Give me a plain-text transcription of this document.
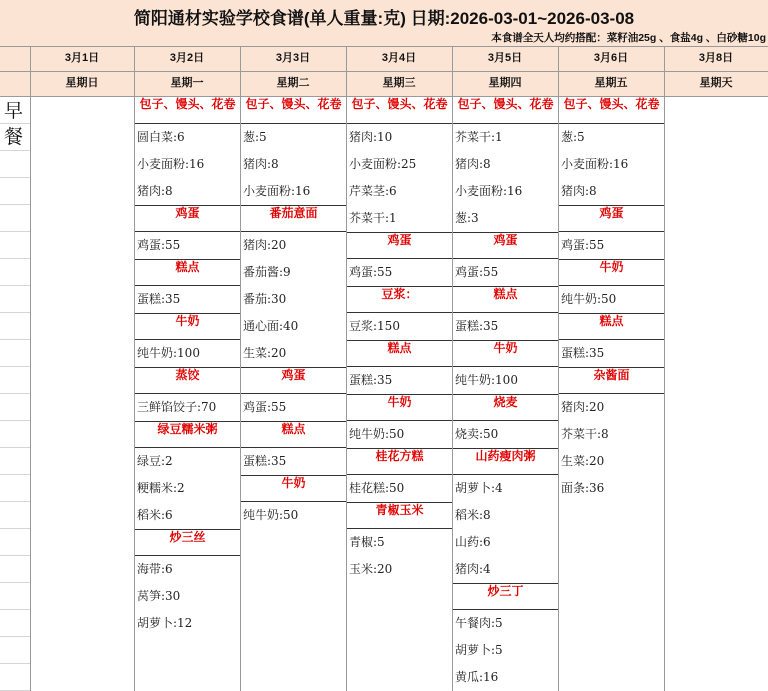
简阳通材实验学校食谱(单人重量:克) 日期:2026-03-01~2026-03-08
本食谱全天人均约搭配：菜籽油25g 、食盐4g 、白砂糖10g
3月1日
星期日
3月2日
星期一
3月3日
星期二
3月4日
星期三
3月5日
星期四
3月6日
星期五
3月8日
星期天
早餐
包子、馒头、花卷
圆白菜:6
小麦面粉:16
猪肉:8
鸡蛋
鸡蛋:55
糕点
蛋糕:35
牛奶
纯牛奶:100
蒸饺
三鲜馅饺子:70
绿豆糯米粥
绿豆:2
粳糯米:2
稻米:6
炒三丝
海带:6
莴笋:30
胡萝卜:12
包子、馒头、花卷
葱:5
猪肉:8
小麦面粉:16
番茄意面
猪肉:20
番茄酱:9
番茄:30
通心面:40
生菜:20
鸡蛋
鸡蛋:55
糕点
蛋糕:35
牛奶
纯牛奶:50
包子、馒头、花卷
猪肉:10
小麦面粉:25
芹菜茎:6
芥菜干:1
鸡蛋
鸡蛋:55
豆浆：
豆浆:150
糕点
蛋糕:35
牛奶
纯牛奶:50
桂花方糕
桂花糕:50
青椒玉米
青椒:5
玉米:20
包子、馒头、花卷
芥菜干:1
猪肉:8
小麦面粉:16
葱:3
鸡蛋
鸡蛋:55
糕点
蛋糕:35
牛奶
纯牛奶:100
烧麦
烧卖:50
山药瘦肉粥
胡萝卜:4
稻米:8
山药:6
猪肉:4
炒三丁
午餐肉:5
胡萝卜:5
黄瓜:16
包子、馒头、花卷
葱:5
小麦面粉:16
猪肉:8
鸡蛋
鸡蛋:55
牛奶
纯牛奶:50
糕点
蛋糕:35
杂酱面
猪肉:20
芥菜干:8
生菜:20
面条:36
